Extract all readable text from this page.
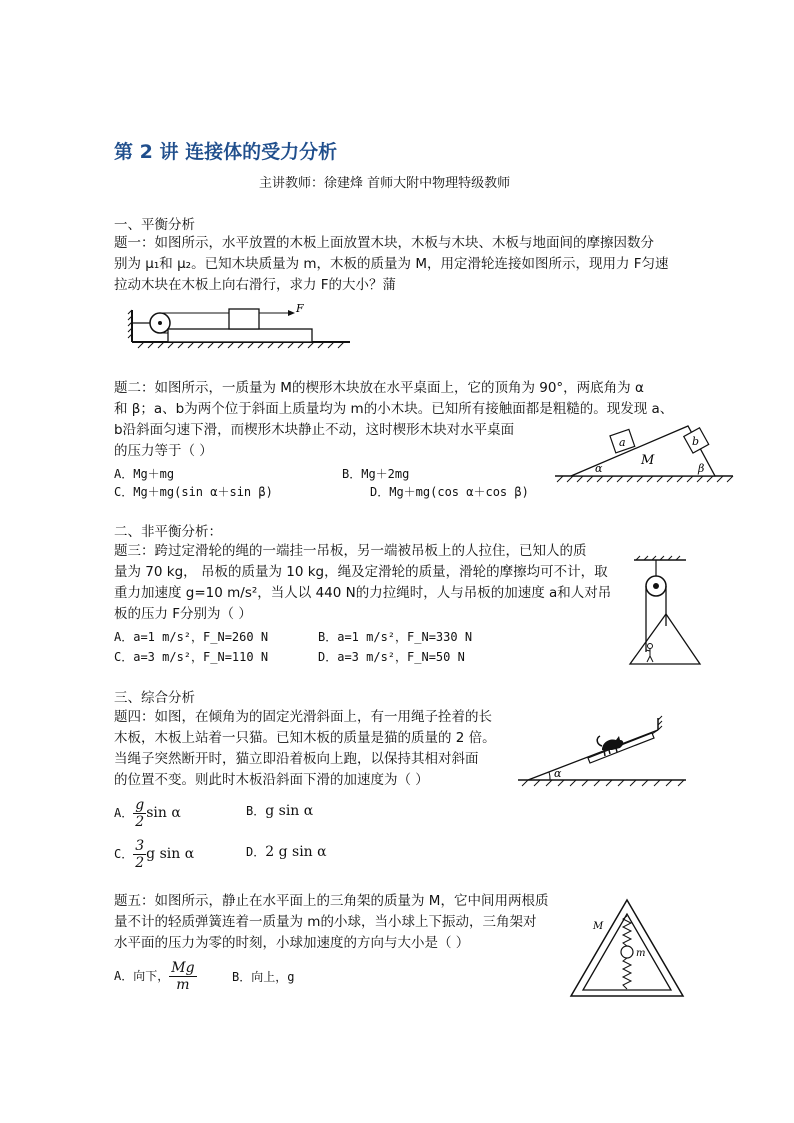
第 2 讲 连接体的受力分析
主讲教师：徐建烽 首师大附中物理特级教师
一、平衡分析
题一：如图所示，水平放置的木板上面放置木块，木板与木块、木板与地面间的摩擦因数分
别为 μ₁和 μ₂。已知木块质量为 m，木板的质量为 M，用定滑轮连接如图所示，现用力 F匀速
拉动木块在木板上向右滑行，求力 F的大小？蒲
F
题二：如图所示，一质量为 M的楔形木块放在水平桌面上，它的顶角为 90°，两底角为 α
和 β；a、b为两个位于斜面上质量均为 m的小木块。已知所有接触面都是粗糙的。现发现 a、
b沿斜面匀速下滑，而楔形木块静止不动，这时楔形木块对水平桌面
的压力等于（ ）
A．Mg＋mg	B．Mg＋2mg
C．Mg＋mg(sin α＋sin β)	D．Mg＋mg(cos α＋cos β)
a	b
M
α	β
二、非平衡分析：
题三：跨过定滑轮的绳的一端挂一吊板，另一端被吊板上的人拉住，已知人的质
量为 70 kg， 吊板的质量为 10 kg，绳及定滑轮的质量，滑轮的摩擦均可不计，取
重力加速度 g=10 m/s²，当人以 440 N的力拉绳时，人与吊板的加速度 a和人对吊
板的压力 F分别为（ ）
A．a=1 m/s²，F_N=260 N	B．a=1 m/s²，F_N=330 N
C．a=3 m/s²，F_N=110 N	D．a=3 m/s²，F_N=50 N
三、综合分析
题四：如图，在倾角为的固定光滑斜面上，有一用绳子拴着的长
木板，木板上站着一只猫。已知木板的质量是猫的质量的 2 倍。
当绳子突然断开时，猫立即沿着板向上跑，以保持其相对斜面
的位置不变。则此时木板沿斜面下滑的加速度为（ ）
A． $\frac{g}{2}$ sin α	B．g sin α
C． $\frac{3}{2}$ g sin α	D．2 g sin α
α
题五：如图所示，静止在水平面上的三角架的质量为 M，它中间用两根质
量不计的轻质弹簧连着一质量为 m的小球，当小球上下振动，三角架对
水平面的压力为零的时刻，小球加速度的方向与大小是（ ）
A．向下， $\frac{Mg}{m}$	B．向上，g
M
m
